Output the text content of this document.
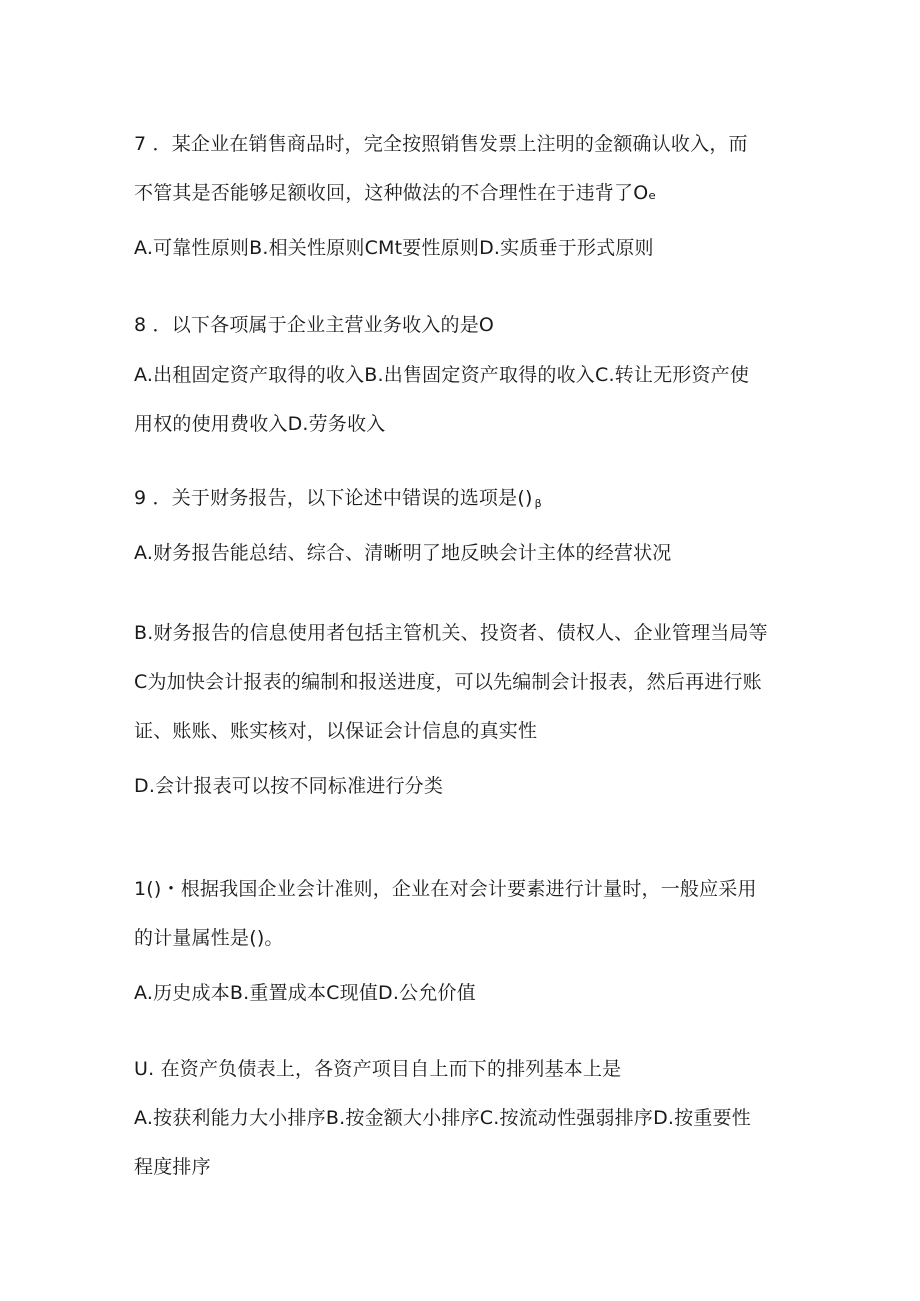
7 ．某企业在销售商品时，完全按照销售发票上注明的金额确认收入，而
不管其是否能够足额收回，这种做法的不合理性在于违背了Oₑ
A.可靠性原则B.相关性原则CMt要性原则D.实质垂于形式原则
8 ．以下各项属于企业主营业务收入的是O
A.出租固定资产取得的收入B.出售固定资产取得的收入C.转让无形资产使
用权的使用费收入D.劳务收入
9 ．关于财务报告，以下论述中错误的选项是() $_\beta$
A.财务报告能总结、综合、清晰明了地反映会计主体的经营状况
B.财务报告的信息使用者包括主管机关、投资者、债权人、企业管理当局等
C为加快会计报表的编制和报送进度，可以先编制会计报表，然后再进行账
证、账账、账实核对，以保证会计信息的真实性
D.会计报表可以按不同标准进行分类
1()・根据我国企业会计准则，企业在对会计要素进行计量时，一般应采用
的计量属性是()。
A.历史成本B.重置成本C现值D.公允价值
U. 在资产负债表上，各资产项目自上而下的排列基本上是
A.按获利能力大小排序B.按金额大小排序C.按流动性强弱排序D.按重要性
程度排序
